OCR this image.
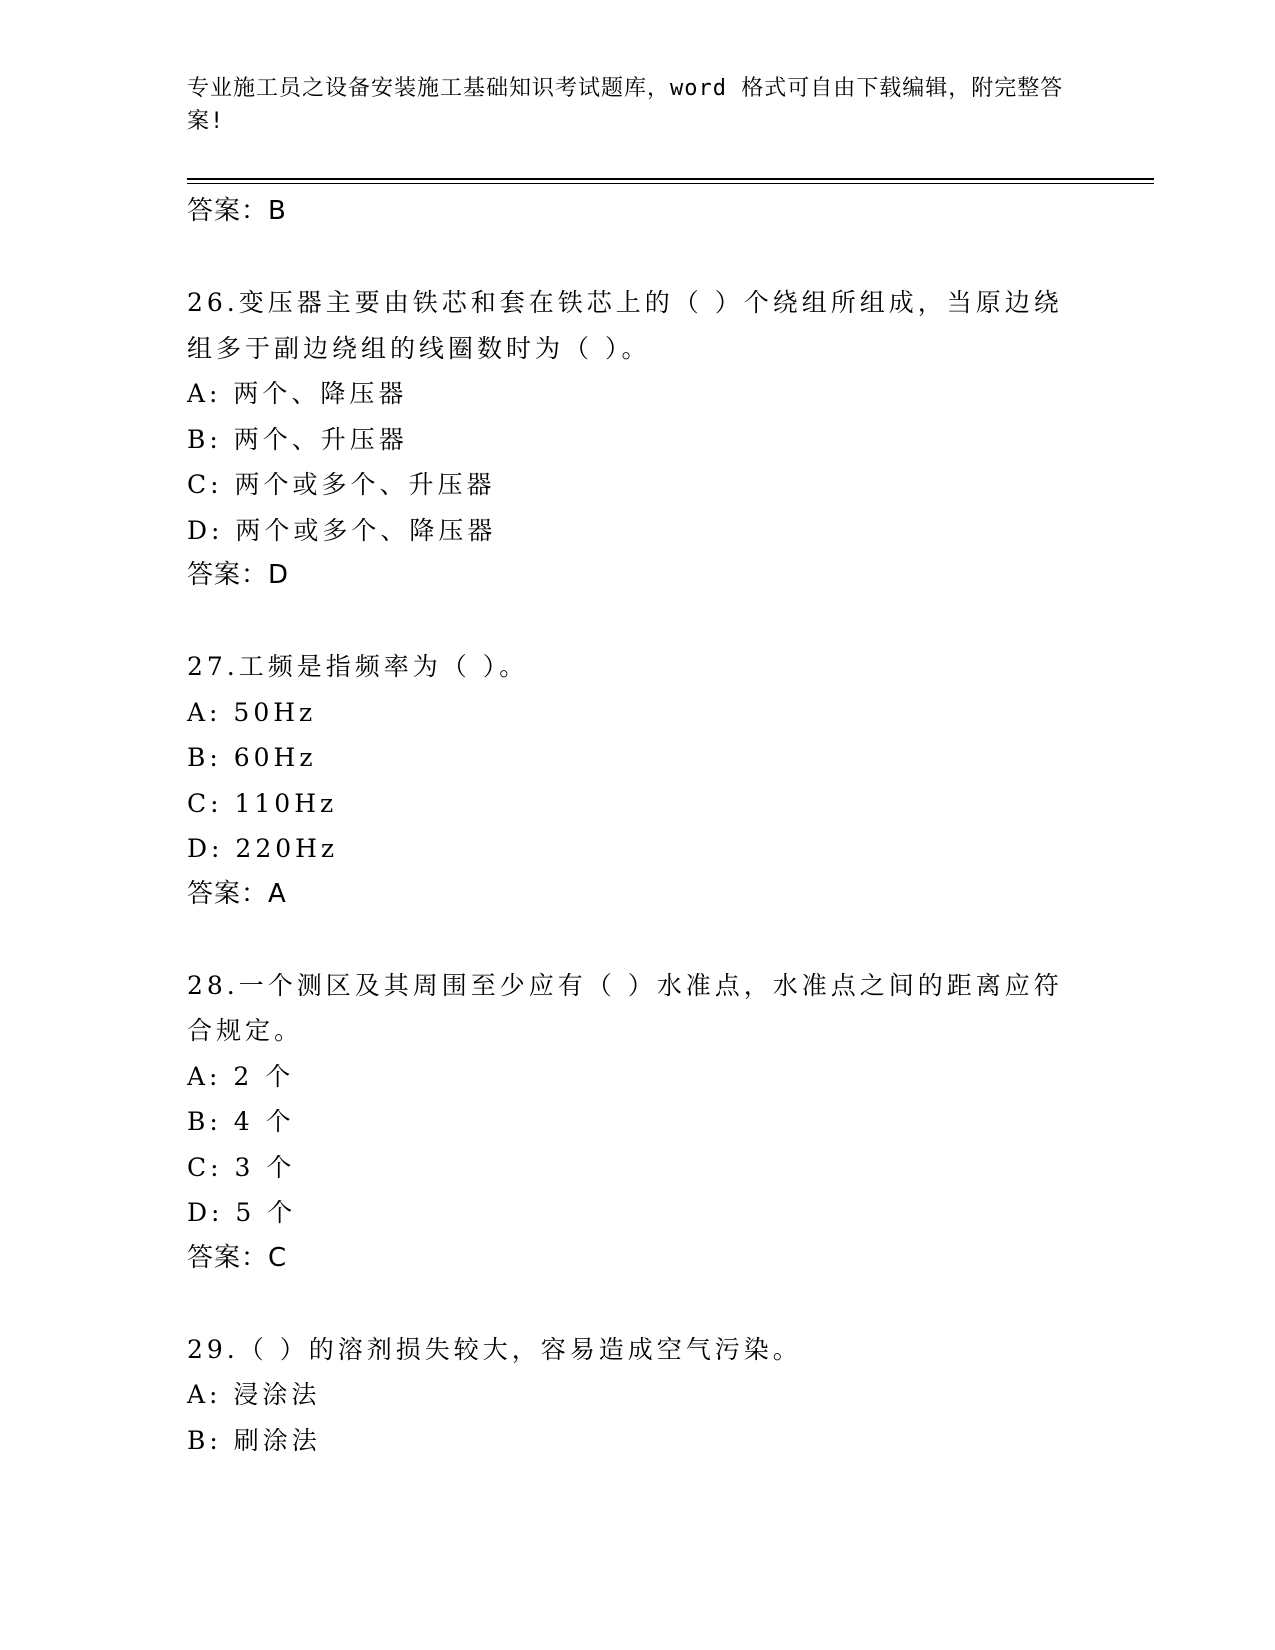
专业施工员之设备安装施工基础知识考试题库，word 格式可自由下载编辑，附完整答案!
答案：B
26.变压器主要由铁芯和套在铁芯上的（ ）个绕组所组成，当原边绕
组多于副边绕组的线圈数时为（ ）。
A: 两个、降压器
B: 两个、升压器
C: 两个或多个、升压器
D: 两个或多个、降压器
答案：D
27.工频是指频率为（ ）。
A: 50Hz
B: 60Hz
C: 110Hz
D: 220Hz
答案：A
28.一个测区及其周围至少应有（ ）水准点，水准点之间的距离应符
合规定。
A: 2 个
B: 4 个
C: 3 个
D: 5 个
答案：C
29.（ ）的溶剂损失较大，容易造成空气污染。
A: 浸涂法
B: 刷涂法
